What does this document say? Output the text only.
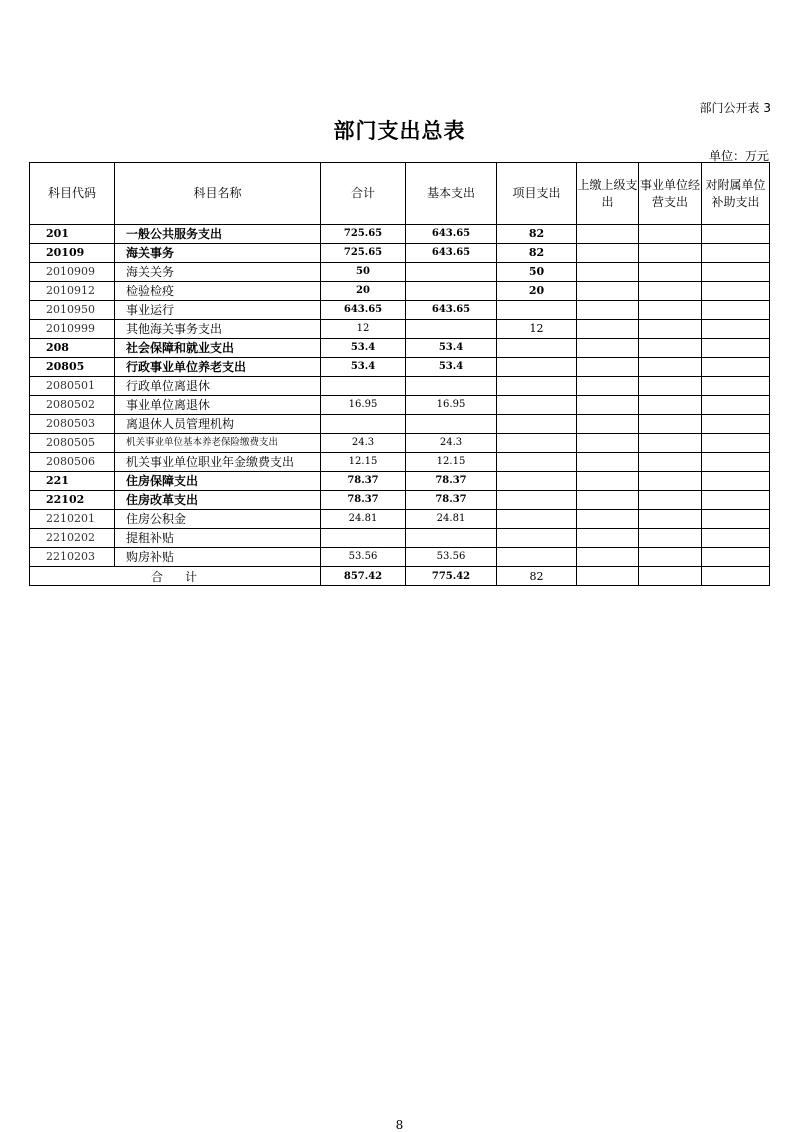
部门公开表 3
部门支出总表
单位：万元
科目代码	科目名称	合计	基本支出	项目支出	上缴上级支出	事业单位经营支出	对附属单位补助支出
201	一般公共服务支出	725.65	643.65	82			
20109	海关事务	725.65	643.65	82			
2010909	海关关务	50		50			
2010912	检验检疫	20		20			
2010950	事业运行	643.65	643.65				
2010999	其他海关事务支出	12		12			
208	社会保障和就业支出	53.4	53.4				
20805	行政事业单位养老支出	53.4	53.4				
2080501	行政单位离退休						
2080502	事业单位离退休	16.95	16.95				
2080503	离退休人员管理机构						
2080505	机关事业单位基本养老保险缴费支出	24.3	24.3				
2080506	机关事业单位职业年金缴费支出	12.15	12.15				
221	住房保障支出	78.37	78.37				
22102	住房改革支出	78.37	78.37				
2210201	住房公积金	24.81	24.81				
2210202	提租补贴						
2210203	购房补贴	53.56	53.56				
合计		857.42	775.42	82			
8
